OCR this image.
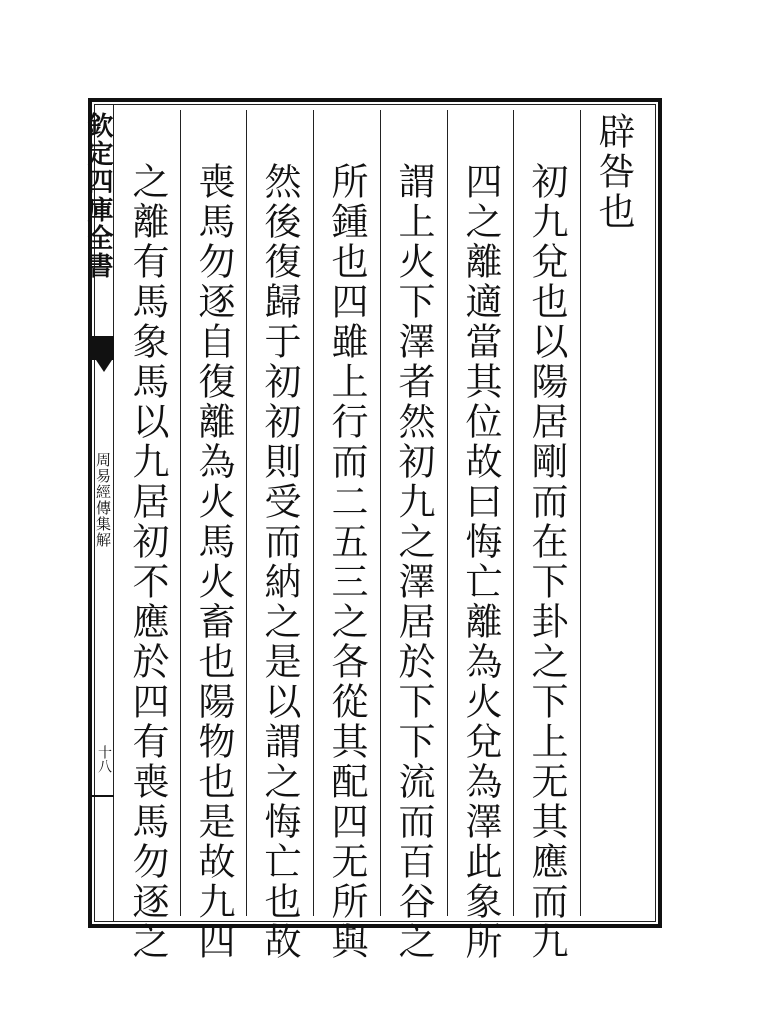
欽定四庫全書
周易經傳集解
十八
辟咎也
初九兌也以陽居剛而在下卦之下上无其應而九
四之離適當其位故曰悔亡離為火兌為澤此象所
謂上火下澤者然初九之澤居於下下流而百谷之
所鍾也四雖上行而二五三之各從其配四无所與
然後復歸于初初則受而納之是以謂之悔亡也故
喪馬勿逐自復離為火馬火畜也陽物也是故九四
之離有馬象馬以九居初不應於四有喪馬勿逐之
